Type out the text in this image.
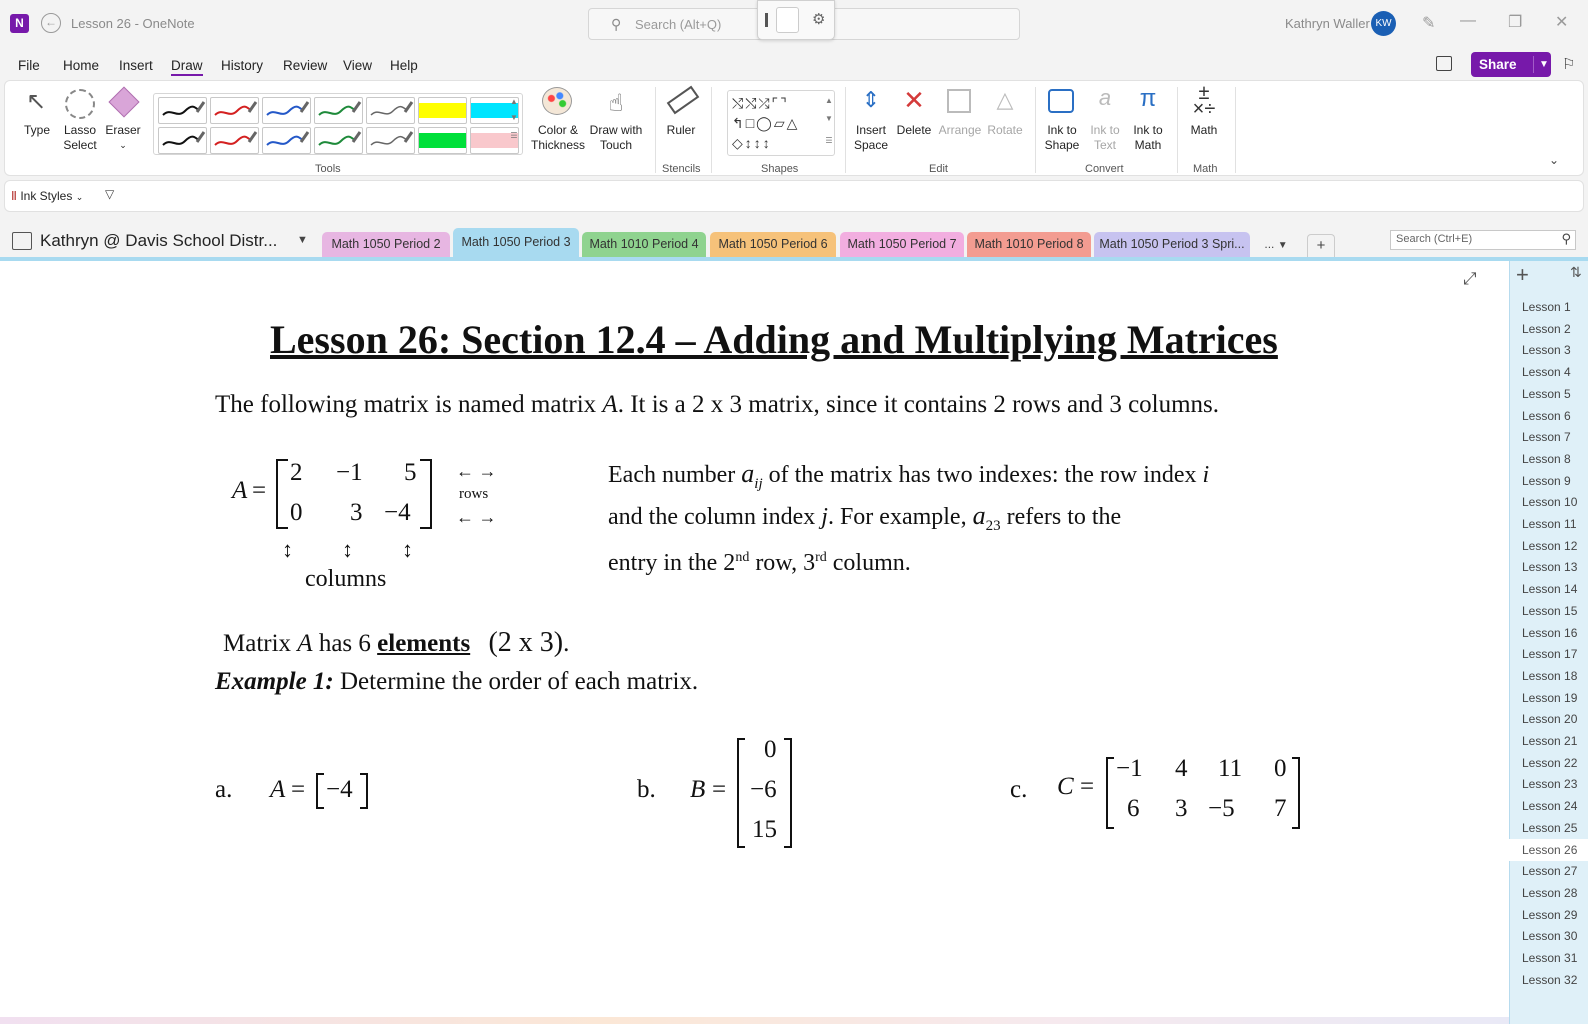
N	←	Lesson 26 - OneNote	⚲ Search (Alt+Q)	⚙	Kathryn Waller KW ✎ — ❐ ✕
File Home Insert Draw History Review View Help	Share	▼ ⚐
↖
Type	Lasso Select
Eraser
⌄
▲
▼
☰	Color & Thickness
☝
Draw with Touch
Tools
Ruler
Stencils
⤭⤭⤮⌜⌝
↰□◯▱△
◇↕↕↕
▲
▼
☰
Shapes
⇕
Insert Space
✕
Delete Arrange
△
Rotate
Edit
Ink to Shape
a
Ink to Text
π
Ink to Math
Convert
±
×÷
Math
Math
⌄
‖ Ink Styles ⌄ ▽
Kathryn @ Davis School Distr... ▼	Math 1050 Period 2	Math 1050 Period 3	Math 1010 Period 4	Math 1050 Period 6	Math 1050 Period 7	Math 1010 Period 8	Math 1050 Period 3 Spri...	... ▼	+	Search (Ctrl+E)	⚲
⤢
Lesson 26: Section 12.4 – Adding and Multiplying Matrices
The following matrix is named matrix A. It is a 2 x 3 matrix, since it contains 2 rows and 3 columns.
A =
2 −1 5
0 3 −4
← →
rows
← →
↕ ↕ ↕
columns
Each number $a_{ij}$ of the matrix has two indexes: the row index i
and the column index j. For example, $a_{23}$ refers to the
entry in the 2nd row, 3rd column.
Matrix A has 6 elements (2 x 3).
Example 1: Determine the order of each matrix.
a. A = −4	b. B =
0
−6
15
c. C =
−1 4 11 0
6 3 −5 7
+	⇅
Lesson 1
Lesson 2
Lesson 3
Lesson 4
Lesson 5
Lesson 6
Lesson 7
Lesson 8
Lesson 9
Lesson 10
Lesson 11
Lesson 12
Lesson 13
Lesson 14
Lesson 15
Lesson 16
Lesson 17
Lesson 18
Lesson 19
Lesson 20
Lesson 21
Lesson 22
Lesson 23
Lesson 24
Lesson 25
Lesson 26
Lesson 27
Lesson 28
Lesson 29
Lesson 30
Lesson 31
Lesson 32
